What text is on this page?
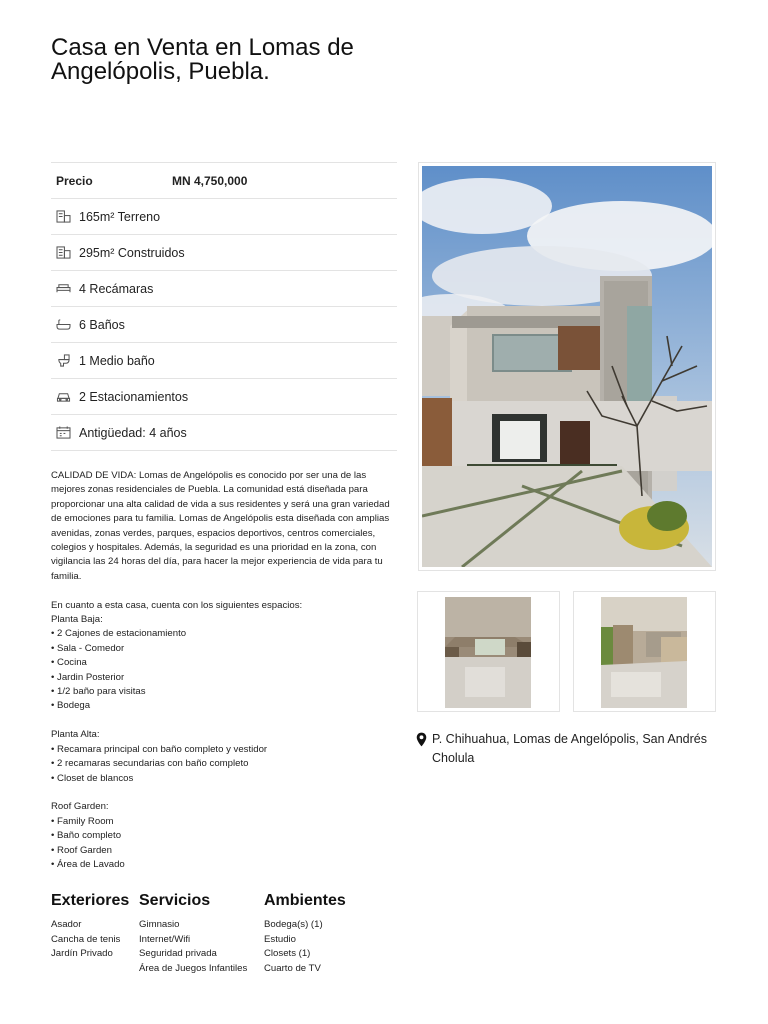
Casa en Venta en Lomas de Angelópolis, Puebla.
Precio	MN 4,750,000
165m² Terreno
295m² Construidos
4 Recámaras
6 Baños
1 Medio baño
2 Estacionamientos
Antigüedad: 4 años

CALIDAD DE VIDA: Lomas de Angelópolis es conocido por ser una de las mejores zonas residenciales de Puebla. La comunidad está diseñada para proporcionar una alta calidad de vida a sus residentes y será una gran variedad de emociones para tu familia. Lomas de Angelópolis esta diseñada con amplias avenidas, zonas verdes, parques, espacios deportivos, centros comerciales, colegios y hospitales. Además, la seguridad es una prioridad en la zona, con vigilancia las 24 horas del día, para hacer la mejor experiencia de vida para tu familia.

En cuanto a esta casa, cuenta con los siguientes espacios:
Planta Baja:
• 2 Cajones de estacionamiento
• Sala - Comedor
• Cocina
• Jardin Posterior
• 1/2 baño para visitas
• Bodega
Planta Alta:
• Recamara principal con baño completo y vestidor
• 2 recamaras secundarias con baño completo
• Closet de blancos
Roof Garden:
• Family Room
• Baño completo
• Roof Garden
• Área de Lavado
Exteriores
Asador
Cancha de tenis
Jardín Privado
Servicios
Gimnasio
Internet/Wifi
Seguridad privada
Área de Juegos Infantiles
Ambientes
Bodega(s) (1)
Estudio
Closets (1)
Cuarto de TV
P. Chihuahua, Lomas de Angelópolis, San Andrés Cholula
